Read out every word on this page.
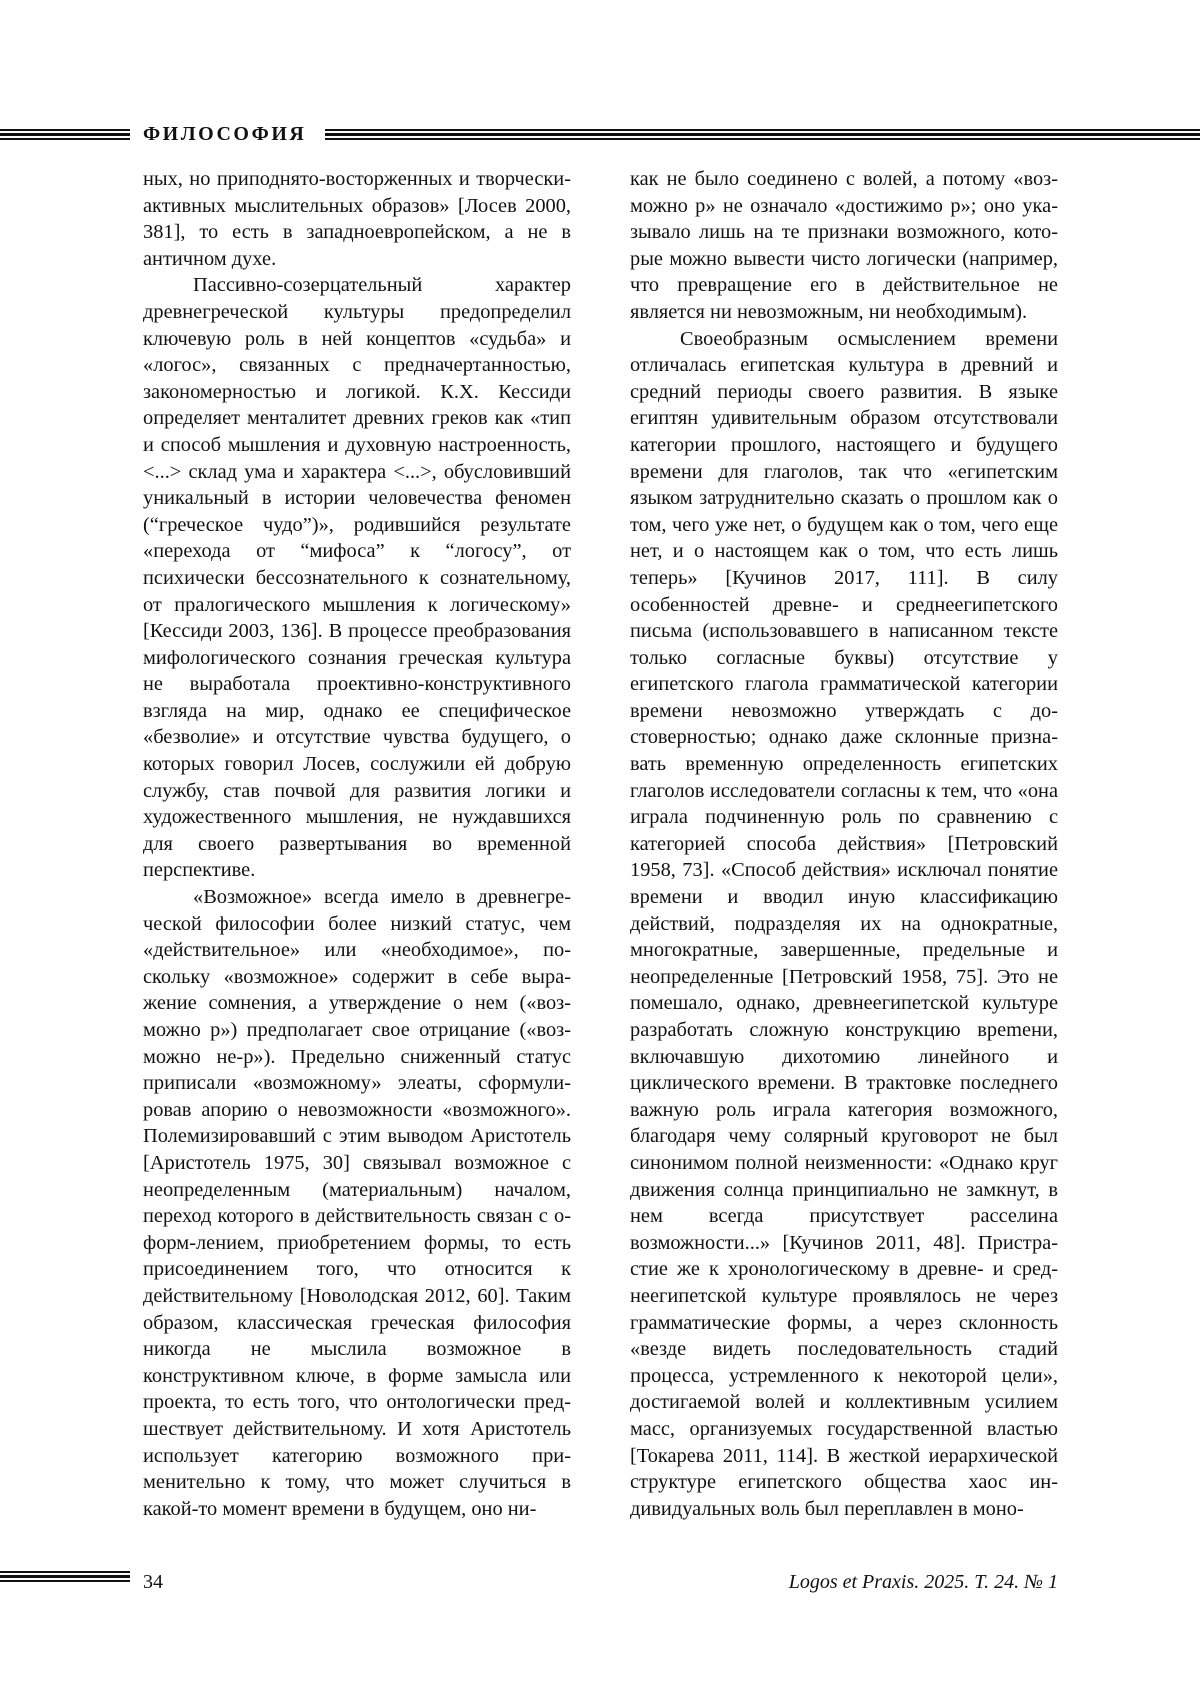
ФИЛОСОФИЯ

ных, но приподнято-восторженных и творчески-активных мыслительных образов» [Лосев 2000, 381], то есть в западноевропейском, а не в античном духе.

Пассивно-созерцательный характер древнегреческой культуры предопределил ключевую роль в ней концептов «судьба» и «логос», связанных с предначертанностью, закономерностью и логикой. К.Х. Кессиди определяет менталитет древних греков как «тип и способ мышления и духовную настроенность, <...> склад ума и характера <...>, обусловивший уникальный в истории человечества феномен (“греческое чудо”)», родившийся результате «перехода от “мифоса” к “логосу”, от психически бессознательного к сознательному, от пралогического мышления к логическому» [Кессиди 2003, 136]. В процессе преобразования мифологического сознания греческая культура не выработала проективно-конструктивного взгляда на мир, однако ее специфическое «безволие» и отсутствие чувства будущего, о которых говорил Лосев, сослужили ей добрую службу, став почвой для развития логики и художественного мышления, не нуждавшихся для своего развертывания во временной перспективе.

«Возможное» всегда имело в древнегреческой философии более низкий статус, чем «действительное» или «необходимое», поскольку «возможное» содержит в себе выражение сомнения, а утверждение о нем («возможно p») предполагает свое отрицание («возможно не-p»). Предельно сниженный статус приписали «возможному» элеаты, сформулировав апорию о невозможности «возможного». Полемизировавший с этим выводом Аристотель [Аристотель 1975, 30] связывал возможное с неопределенным (материальным) началом, переход которого в действительность связан с о-форм-лением, приобретением формы, то есть присоединением того, что относится к действительному [Новолодская 2012, 60]. Таким образом, классическая греческая философия никогда не мыслила возможное в конструктивном ключе, в форме замысла или проекта, то есть того, что онтологически предшествует действительному. И хотя Аристотель использует категорию возможного применительно к тому, что может случиться в какой-то момент времени в будущем, оно ни-

как не было соединено с волей, а потому «возможно p» не означало «достижимо p»; оно указывало лишь на те признаки возможного, которые можно вывести чисто логически (например, что превращение его в действительное не является ни невозможным, ни необходимым).

Своеобразным осмыслением времени отличалась египетская культура в древний и средний периоды своего развития. В языке египтян удивительным образом отсутствовали категории прошлого, настоящего и будущего времени для глаголов, так что «египетским языком затруднительно сказать о прошлом как о том, чего уже нет, о будущем как о том, чего еще нет, и о настоящем как о том, что есть лишь теперь» [Кучинов 2017, 111]. В силу особенностей древне- и среднеегипетского письма (использовавшего в написанном тексте только согласные буквы) отсутствие у египетского глагола грамматической категории времени невозможно утверждать с достоверностью; однако даже склонные признавать временную определенность египетских глаголов исследователи согласны к тем, что «она играла подчиненную роль по сравнению с категорией способа действия» [Петровский 1958, 73]. «Способ действия» исключал понятие времени и вводил иную классификацию действий, подразделяя их на однократные, многократные, завершенные, предельные и неопределенные [Петровский 1958, 75]. Это не помешало, однако, древнеегипетской культуре разработать сложную конструкцию вреmени, включавшую дихотомию линейного и циклического времени. В трактовке последнего важную роль играла категория возможного, благодаря чему солярный круговорот не был синонимом полной неизменности: «Однако круг движения солнца принципиально не замкнут, в нем всегда присутствует расселина возможности...» [Кучинов 2011, 48]. Пристрастие же к хронологическому в древне- и среднеегипетской культуре проявлялось не через грамматические формы, а через склонность «везде видеть последовательность стадий процесса, устремленного к некоторой цели», достигаемой волей и коллективным усилием масс, организуемых государственной властью [Токарева 2011, 114]. В жесткой иерархической структуре египетского общества хаос индивидуальных воль был переплавлен в моно-

34	Logos et Praxis. 2025. Т. 24. № 1
